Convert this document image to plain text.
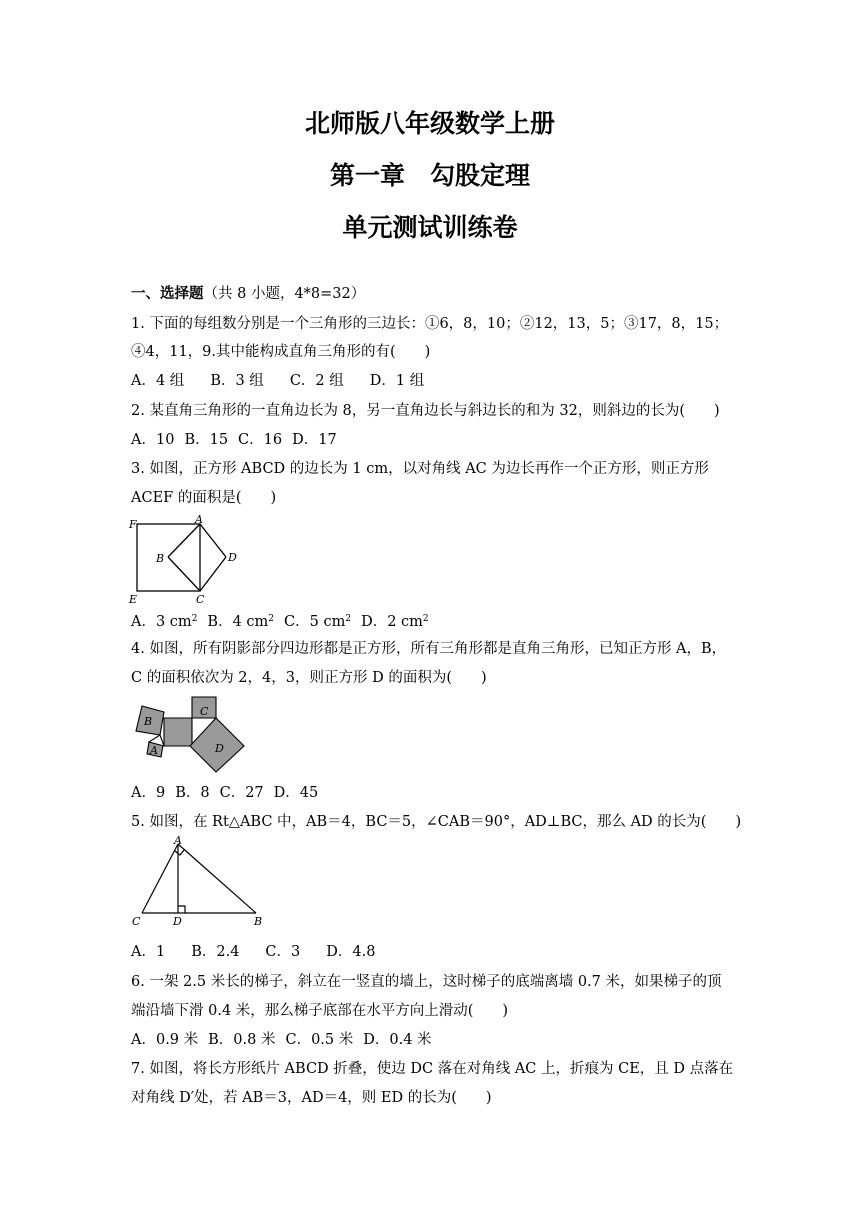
北师版八年级数学上册
第一章　勾股定理
单元测试训练卷
一、选择题（共 8 小题，4*8=32）
1. 下面的每组数分别是一个三角形的三边长：①6，8，10；②12，13，5；③17，8，15；
④4，11，9.其中能构成直角三角形的有(　　)
A．4 组 B．3 组 C．2 组 D．1 组
2. 某直角三角形的一直角边长为 8，另一直角边长与斜边长的和为 32，则斜边的长为(　　)
A．10 B．15 C．16 D．17
3. 如图，正方形 ABCD 的边长为 1 cm，以对角线 AC 为边长再作一个正方形，则正方形
ACEF 的面积是(　　)
F	A
B	D
E	C
A．3 $cm^2$ B．4 $cm^2$ C．5 $cm^2$ D．2 $cm^2$
4. 如图，所有阴影部分四边形都是正方形，所有三角形都是直角三角形，已知正方形 A，B，
C 的面积依次为 2，4，3，则正方形 D 的面积为(　　)
B
C
A	D
A．9 B．8 C．27 D．45
5. 如图，在 Rt△ABC 中，AB＝4，BC＝5，∠CAB＝90°，AD⊥BC，那么 AD 的长为(　　)
A
C	D	B
A．1 B．2.4 C．3 D．4.8
6. 一架 2.5 米长的梯子，斜立在一竖直的墙上，这时梯子的底端离墙 0.7 米，如果梯子的顶
端沿墙下滑 0.4 米，那么梯子底部在水平方向上滑动(　　)
A．0.9 米 B．0.8 米 C．0.5 米 D．0.4 米
7. 如图，将长方形纸片 ABCD 折叠，使边 DC 落在对角线 AC 上，折痕为 CE，且 D 点落在
对角线 D′处，若 AB＝3，AD＝4，则 ED 的长为(　　)
